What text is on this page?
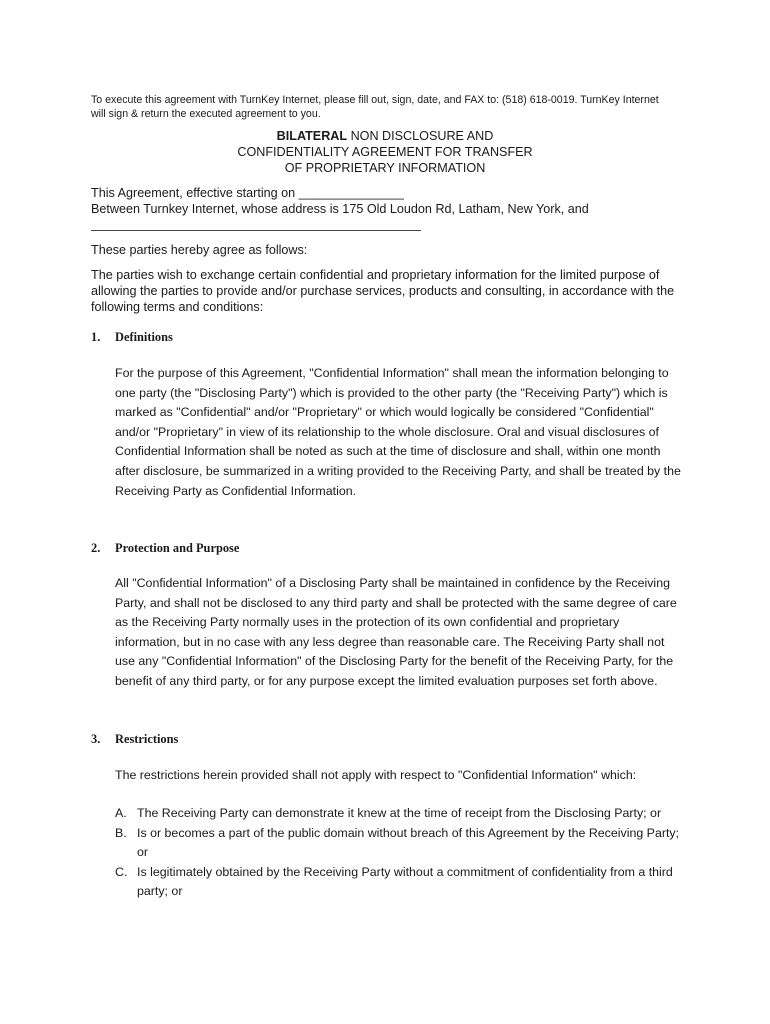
To execute this agreement with TurnKey Internet, please fill out, sign, date, and FAX to: (518) 618-0019. TurnKey Internet will sign & return the executed agreement to you.
BILATERAL NON DISCLOSURE AND
CONFIDENTIALITY AGREEMENT FOR TRANSFER
OF PROPRIETARY INFORMATION
This Agreement, effective starting on _______________
Between Turnkey Internet, whose address is 175 Old Loudon Rd, Latham, New York, and
These parties hereby agree as follows:
The parties wish to exchange certain confidential and proprietary information for the limited purpose of allowing the parties to provide and/or purchase services, products and consulting, in accordance with the following terms and conditions:
1. Definitions
For the purpose of this Agreement, "Confidential Information" shall mean the information belonging to one party (the "Disclosing Party") which is provided to the other party (the "Receiving Party") which is marked as "Confidential" and/or "Proprietary" or which would logically be considered "Confidential" and/or "Proprietary" in view of its relationship to the whole disclosure. Oral and visual disclosures of Confidential Information shall be noted as such at the time of disclosure and shall, within one month after disclosure, be summarized in a writing provided to the Receiving Party, and shall be treated by the Receiving Party as Confidential Information.
2. Protection and Purpose
All "Confidential Information" of a Disclosing Party shall be maintained in confidence by the Receiving Party, and shall not be disclosed to any third party and shall be protected with the same degree of care as the Receiving Party normally uses in the protection of its own confidential and proprietary information, but in no case with any less degree than reasonable care. The Receiving Party shall not use any "Confidential Information" of the Disclosing Party for the benefit of the Receiving Party, for the benefit of any third party, or for any purpose except the limited evaluation purposes set forth above.
3. Restrictions
The restrictions herein provided shall not apply with respect to "Confidential Information" which:
A. The Receiving Party can demonstrate it knew at the time of receipt from the Disclosing Party; or
B. Is or becomes a part of the public domain without breach of this Agreement by the Receiving Party; or
C. Is legitimately obtained by the Receiving Party without a commitment of confidentiality from a third party; or
